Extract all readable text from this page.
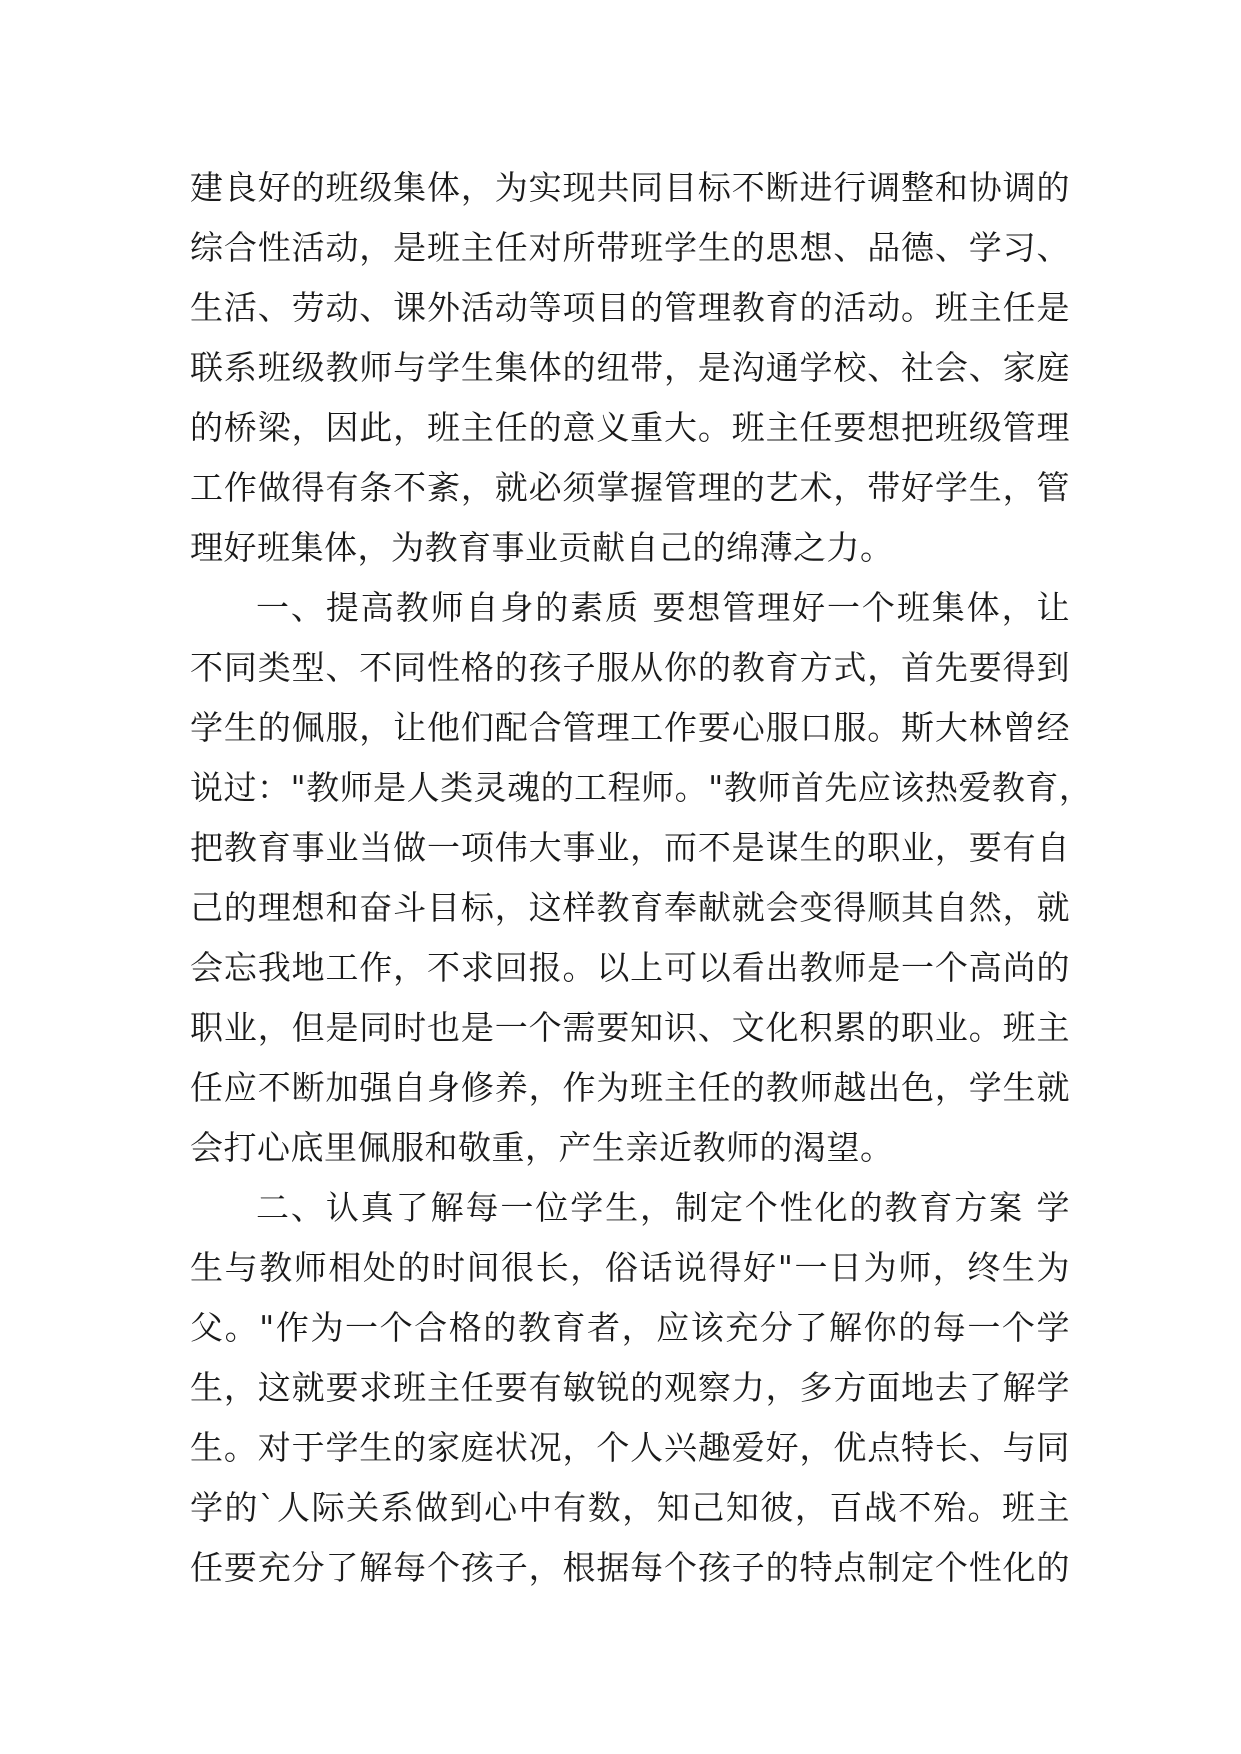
建良好的班级集体，为实现共同目标不断进行调整和协调的
综合性活动，是班主任对所带班学生的思想、品德、学习、
生活、劳动、课外活动等项目的管理教育的活动。班主任是
联系班级教师与学生集体的纽带，是沟通学校、社会、家庭
的桥梁，因此，班主任的意义重大。班主任要想把班级管理
工作做得有条不紊，就必须掌握管理的艺术，带好学生，管
理好班集体，为教育事业贡献自己的绵薄之力。
一、提高教师自身的素质 要想管理好一个班集体，让
不同类型、不同性格的孩子服从你的教育方式，首先要得到
学生的佩服，让他们配合管理工作要心服口服。斯大林曾经
说过："教师是人类灵魂的工程师。"教师首先应该热爱教育，
把教育事业当做一项伟大事业，而不是谋生的职业，要有自
己的理想和奋斗目标，这样教育奉献就会变得顺其自然，就
会忘我地工作，不求回报。以上可以看出教师是一个高尚的
职业，但是同时也是一个需要知识、文化积累的职业。班主
任应不断加强自身修养，作为班主任的教师越出色，学生就
会打心底里佩服和敬重，产生亲近教师的渴望。
二、认真了解每一位学生，制定个性化的教育方案 学
生与教师相处的时间很长，俗话说得好"一日为师，终生为
父。"作为一个合格的教育者，应该充分了解你的每一个学
生，这就要求班主任要有敏锐的观察力，多方面地去了解学
生。对于学生的家庭状况，个人兴趣爱好，优点特长、与同
学的`人际关系做到心中有数，知己知彼，百战不殆。班主
任要充分了解每个孩子，根据每个孩子的特点制定个性化的
